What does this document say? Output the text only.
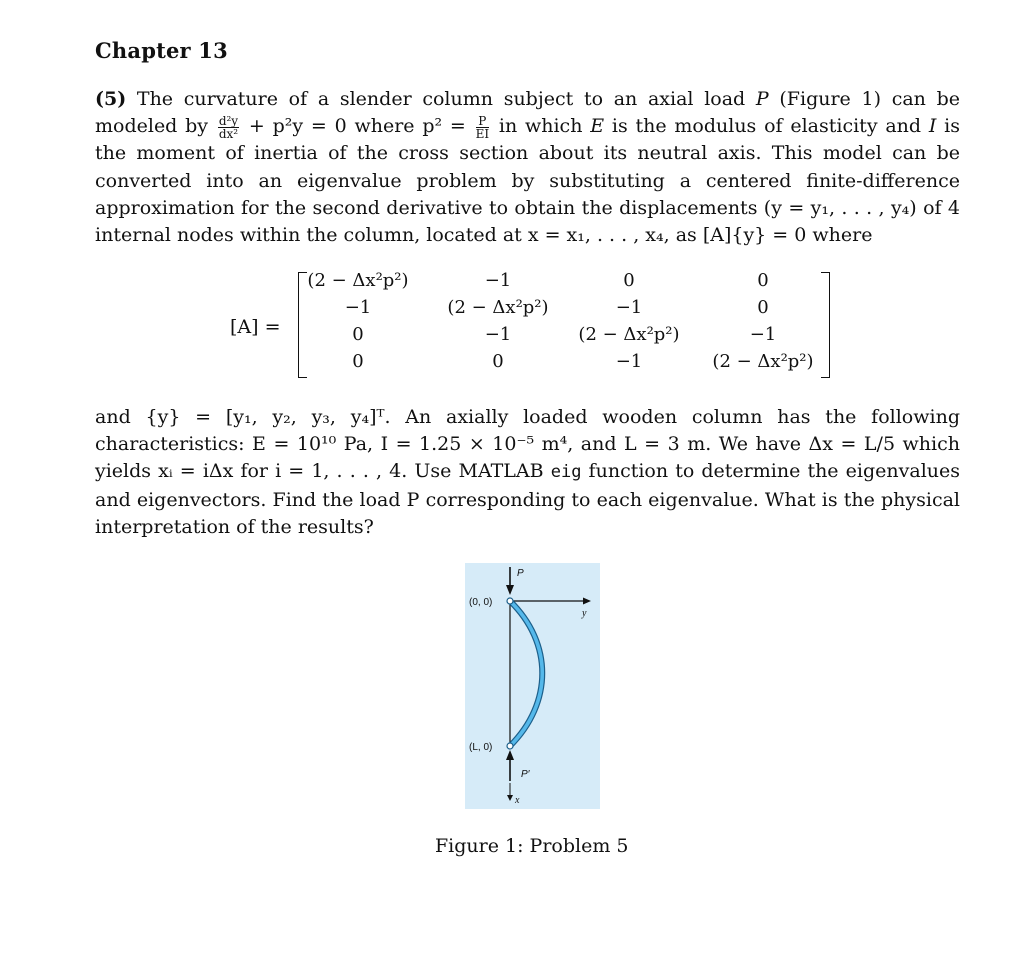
Chapter 13
(5) The curvature of a slender column subject to an axial load P (Figure 1) can be modeled by $\frac{\text{d²y}}{\text{dx²}} + p^2y = 0$ where $p^2 = \frac{P}{EI}$ in which E is the modulus of elasticity and I is the moment of inertia of the cross section about its neutral axis. This model can be converted into an eigenvalue problem by substituting a centered finite-difference approximation for the second derivative to obtain the displacements (y = y₁, . . . , y₄) of 4 internal nodes within the column, located at x = x₁, . . . , x₄, as [A]{y} = 0 where
[A] =
(2 − Δx²p²)	−1	0	0
−1	(2 − Δx²p²)	−1	0
0	−1	(2 − Δx²p²)	−1
0	0	−1	(2 − Δx²p²)
and {y} = [y₁, y₂, y₃, y₄]ᵀ. An axially loaded wooden column has the following characteristics: E = 10¹⁰ Pa, I = 1.25 × 10⁻⁵ m⁴, and L = 3 m. We have Δx = L/5 which yields xᵢ = iΔx for i = 1, . . . , 4. Use MATLAB eig function to determine the eigenvalues and eigenvectors. Find the load P corresponding to each eigenvalue. What is the physical interpretation of the results?
P
y
(0, 0)
(L, 0)
P′
x
Figure 1: Problem 5
